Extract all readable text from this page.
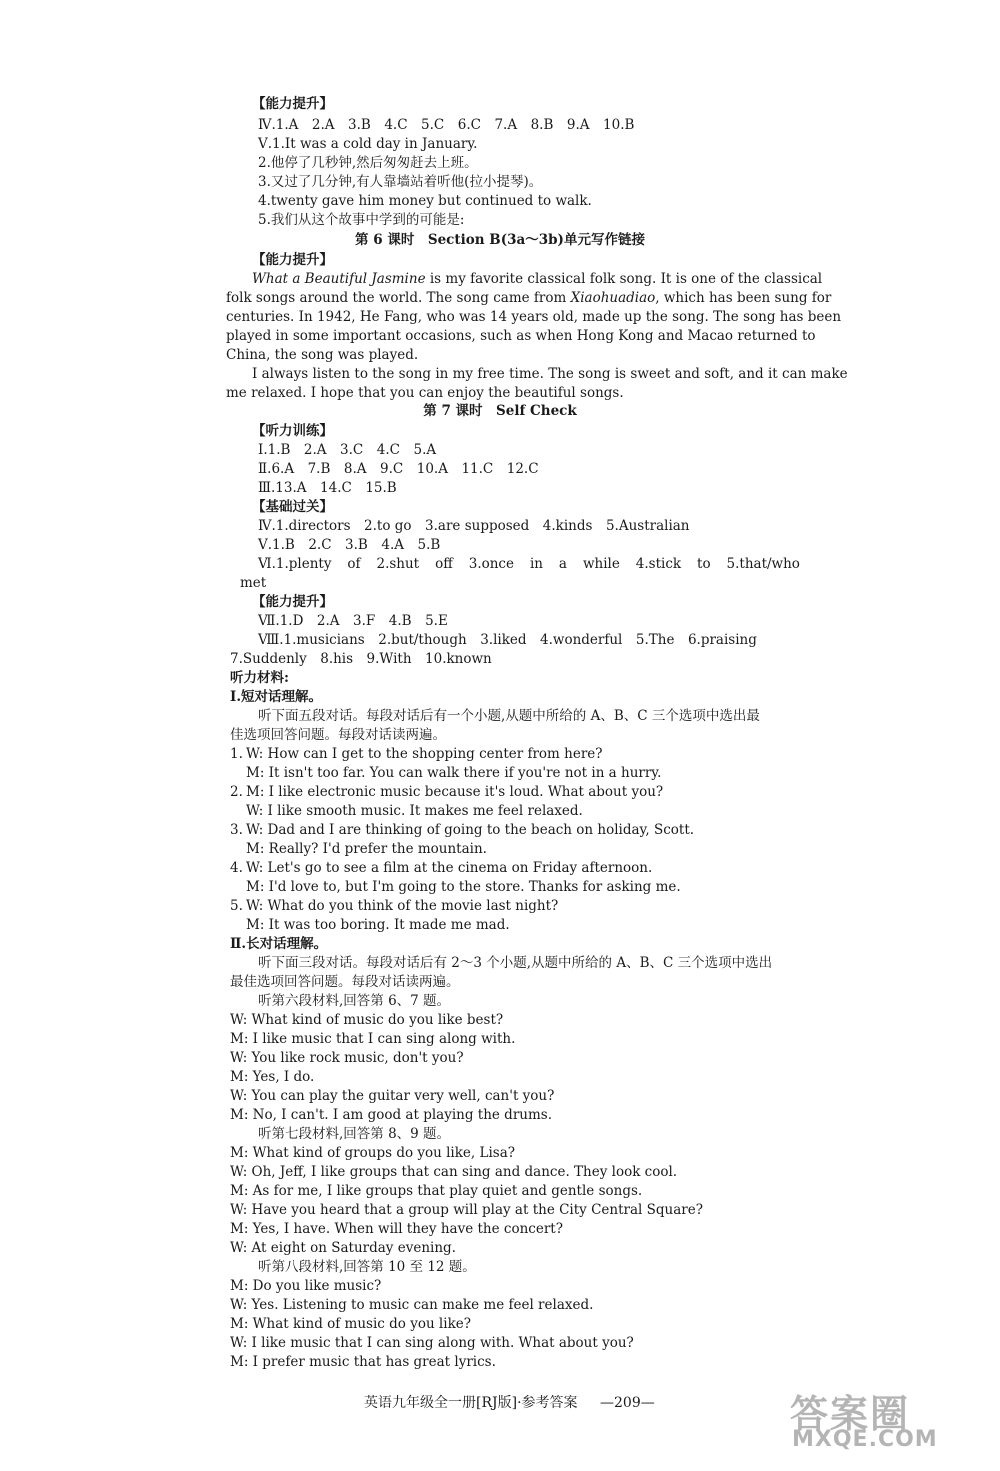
【能力提升】
Ⅳ.1.A　2.A　3.B　4.C　5.C　6.C　7.A　8.B　9.A　10.B
Ⅴ.1.It was a cold day in January.
2.他停了几秒钟,然后匆匆赶去上班。
3.又过了几分钟,有人靠墙站着听他(拉小提琴)。
4.twenty gave him money but continued to walk.
5.我们从这个故事中学到的可能是:
第 6 课时　Section B(3a～3b)单元写作链接
【能力提升】
What a Beautiful Jasmine is my favorite classical folk song. It is one of the classical
folk songs around the world. The song came from Xiaohuadiao, which has been sung for
centuries. In 1942, He Fang, who was 14 years old, made up the song. The song has been
played in some important occasions, such as when Hong Kong and Macao returned to
China, the song was played.
I always listen to the song in my free time. The song is sweet and soft, and it can make
me relaxed. I hope that you can enjoy the beautiful songs.
第 7 课时　Self Check
【听力训练】
Ⅰ.1.B　2.A　3.C　4.C　5.A
Ⅱ.6.A　7.B　8.A　9.C　10.A　11.C　12.C
Ⅲ.13.A　14.C　15.B
【基础过关】
Ⅳ.1.directors　2.to go　3.are supposed　4.kinds　5.Australian
Ⅴ.1.B　2.C　3.B　4.A　5.B
Ⅵ.1.plenty of 2.shut off 3.once in a while 4.stick to 5.that/who
met
【能力提升】
Ⅶ.1.D　2.A　3.F　4.B　5.E
Ⅷ.1.musicians　2.but/though　3.liked　4.wonderful　5.The　6.praising
7.Suddenly　8.his　9.With　10.known
听力材料:
Ⅰ.短对话理解。
听下面五段对话。每段对话后有一个小题,从题中所给的 A、B、C 三个选项中选出最
佳选项回答问题。每段对话读两遍。
1. W: How can I get to the shopping center from here?
M: It isn't too far. You can walk there if you're not in a hurry.
2. M: I like electronic music because it's loud. What about you?
W: I like smooth music. It makes me feel relaxed.
3. W: Dad and I are thinking of going to the beach on holiday, Scott.
M: Really? I'd prefer the mountain.
4. W: Let's go to see a film at the cinema on Friday afternoon.
M: I'd love to, but I'm going to the store. Thanks for asking me.
5. W: What do you think of the movie last night?
M: It was too boring. It made me mad.
Ⅱ.长对话理解。
听下面三段对话。每段对话后有 2～3 个小题,从题中所给的 A、B、C 三个选项中选出
最佳选项回答问题。每段对话读两遍。
听第六段材料,回答第 6、7 题。
W: What kind of music do you like best?
M: I like music that I can sing along with.
W: You like rock music, don't you?
M: Yes, I do.
W: You can play the guitar very well, can't you?
M: No, I can't. I am good at playing the drums.
听第七段材料,回答第 8、9 题。
M: What kind of groups do you like, Lisa?
W: Oh, Jeff, I like groups that can sing and dance. They look cool.
M: As for me, I like groups that play quiet and gentle songs.
W: Have you heard that a group will play at the City Central Square?
M: Yes, I have. When will they have the concert?
W: At eight on Saturday evening.
听第八段材料,回答第 10 至 12 题。
M: Do you like music?
W: Yes. Listening to music can make me feel relaxed.
M: What kind of music do you like?
W: I like music that I can sing along with. What about you?
M: I prefer music that has great lyrics.
英语九年级全一册[RJ版]·参考答案 —209—	答案圈
MXQE.COM
